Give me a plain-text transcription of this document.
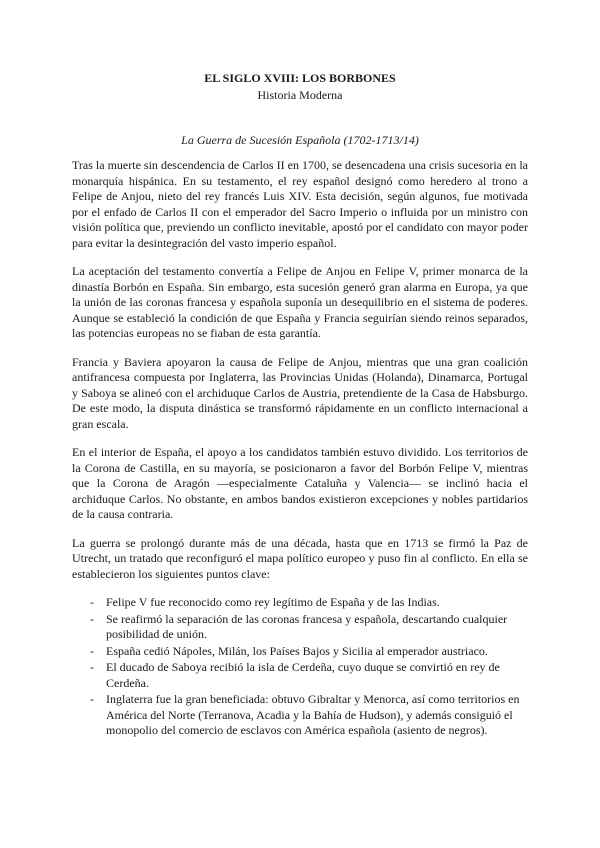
EL SIGLO XVIII: LOS BORBONES
Historia Moderna
La Guerra de Sucesión Española (1702-1713/14)

Tras la muerte sin descendencia de Carlos II en 1700, se desencadena una crisis sucesoria en la monarquía hispánica. En su testamento, el rey español designó como heredero al trono a Felipe de Anjou, nieto del rey francés Luis XIV. Esta decisión, según algunos, fue motivada por el enfado de Carlos II con el emperador del Sacro Imperio o influida por un ministro con visión política que, previendo un conflicto inevitable, apostó por el candidato con mayor poder para evitar la desintegración del vasto imperio español.

La aceptación del testamento convertía a Felipe de Anjou en Felipe V, primer monarca de la dinastía Borbón en España. Sin embargo, esta sucesión generó gran alarma en Europa, ya que la unión de las coronas francesa y española suponía un desequilibrio en el sistema de poderes. Aunque se estableció la condición de que España y Francia seguirían siendo reinos separados, las potencias europeas no se fiaban de esta garantía.

Francia y Baviera apoyaron la causa de Felipe de Anjou, mientras que una gran coalición antifrancesa compuesta por Inglaterra, las Provincias Unidas (Holanda), Dinamarca, Portugal y Saboya se alineó con el archiduque Carlos de Austria, pretendiente de la Casa de Habsburgo. De este modo, la disputa dinástica se transformó rápidamente en un conflicto internacional a gran escala.

En el interior de España, el apoyo a los candidatos también estuvo dividido. Los territorios de la Corona de Castilla, en su mayoría, se posicionaron a favor del Borbón Felipe V, mientras que la Corona de Aragón —especialmente Cataluña y Valencia— se inclinó hacia el archiduque Carlos. No obstante, en ambos bandos existieron excepciones y nobles partidarios de la causa contraria.

La guerra se prolongó durante más de una década, hasta que en 1713 se firmó la Paz de Utrecht, un tratado que reconfiguró el mapa político europeo y puso fin al conflicto. En ella se establecieron los siguientes puntos clave:

- Felipe V fue reconocido como rey legítimo de España y de las Indias.
- Se reafirmó la separación de las coronas francesa y española, descartando cualquier posibilidad de unión.
- España cedió Nápoles, Milán, los Países Bajos y Sicilia al emperador austriaco.
- El ducado de Saboya recibió la isla de Cerdeña, cuyo duque se convirtió en rey de Cerdeña.
- Inglaterra fue la gran beneficiada: obtuvo Gibraltar y Menorca, así como territorios en América del Norte (Terranova, Acadia y la Bahía de Hudson), y además consiguió el monopolio del comercio de esclavos con América española (asiento de negros).
